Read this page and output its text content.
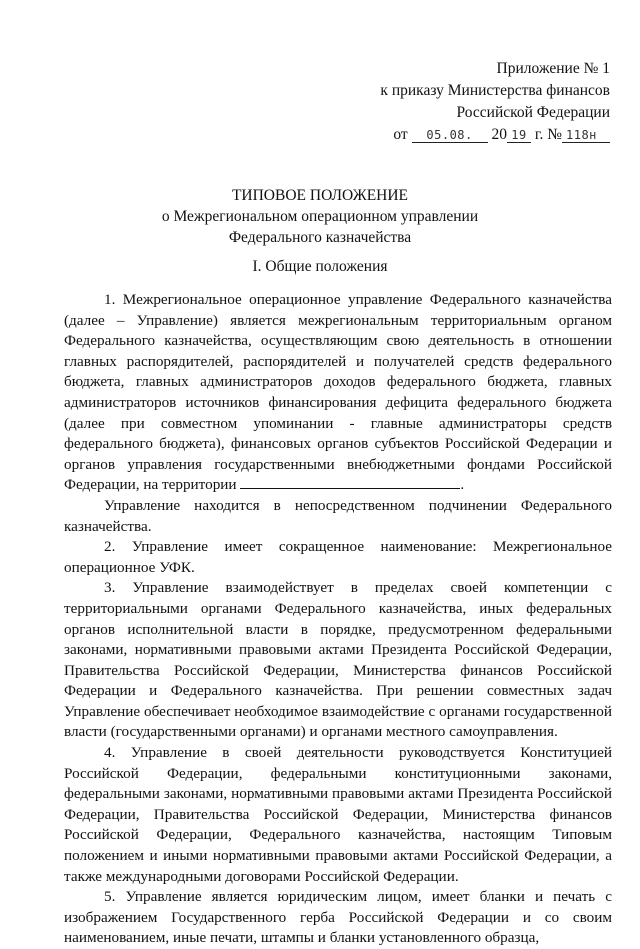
Приложение № 1
к приказу Министерства финансов
Российской Федерации
от 05.08. 20 19 г. № 118н
ТИПОВОЕ ПОЛОЖЕНИЕ
о Межрегиональном операционном управлении
Федерального казначейства
I. Общие положения

1. Межрегиональное операционное управление Федерального казначейства (далее – Управление) является межрегиональным территориальным органом Федерального казначейства, осуществляющим свою деятельность в отношении главных распорядителей, распорядителей и получателей средств федерального бюджета, главных администраторов доходов федерального бюджета, главных администраторов источников финансирования дефицита федерального бюджета (далее при совместном упоминании - главные администраторы средств федерального бюджета), финансовых органов субъектов Российской Федерации и органов управления государственными внебюджетными фондами Российской Федерации, на территории	.

Управление находится в непосредственном подчинении Федерального казначейства.

2. Управление имеет сокращенное наименование: Межрегиональное операционное УФК.

3. Управление взаимодействует в пределах своей компетенции с территориальными органами Федерального казначейства, иных федеральных органов исполнительной власти в порядке, предусмотренном федеральными законами, нормативными правовыми актами Президента Российской Федерации, Правительства Российской Федерации, Министерства финансов Российской Федерации и Федерального казначейства. При решении совместных задач Управление обеспечивает необходимое взаимодействие с органами государственной власти (государственными органами) и органами местного самоуправления.

4. Управление в своей деятельности руководствуется Конституцией Российской Федерации, федеральными конституционными законами, федеральными законами, нормативными правовыми актами Президента Российской Федерации, Правительства Российской Федерации, Министерства финансов Российской Федерации, Федерального казначейства, настоящим Типовым положением и иными нормативными правовыми актами Российской Федерации, а также международными договорами Российской Федерации.

5. Управление является юридическим лицом, имеет бланки и печать с изображением Государственного герба Российской Федерации и со своим наименованием, иные печати, штампы и бланки установленного образца,
